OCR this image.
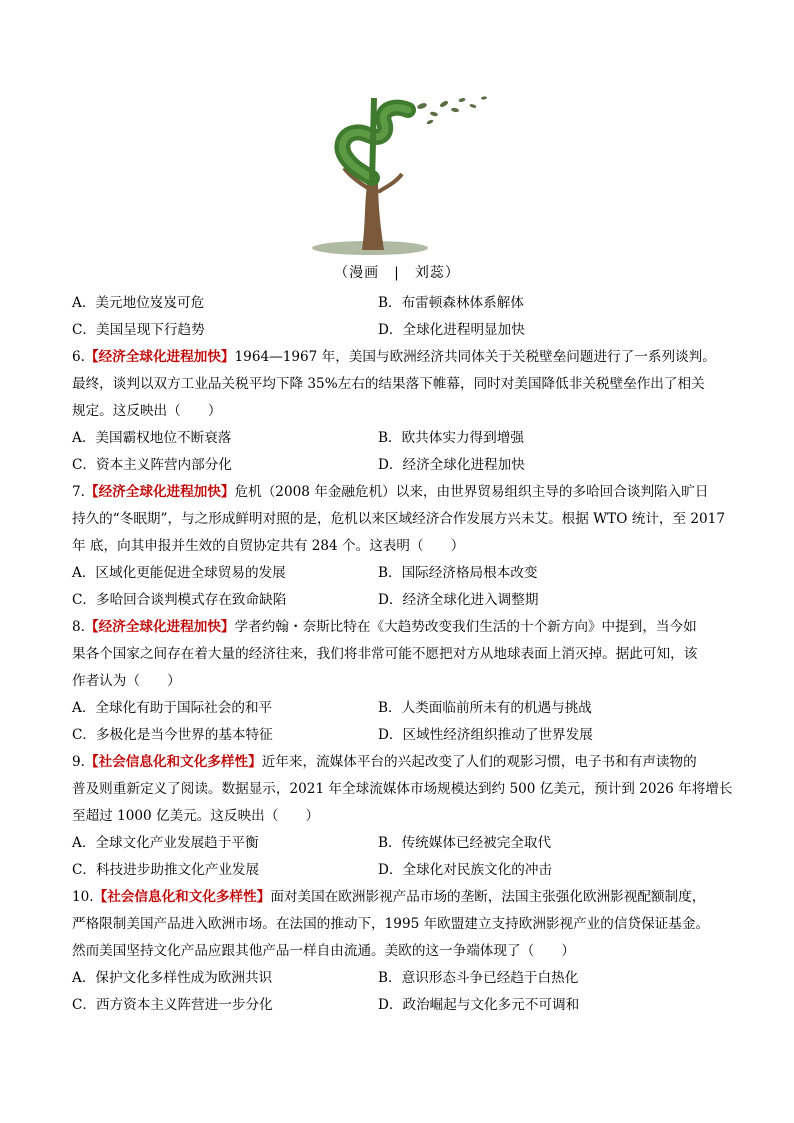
（漫画　|　刘蕊）
A．美元地位岌岌可危	B．布雷顿森林体系解体
C．美国呈现下行趋势	D．全球化进程明显加快
6.【经济全球化进程加快】1964—1967 年，美国与欧洲经济共同体关于关税壁垒问题进行了一系列谈判。
最终，谈判以双方工业品关税平均下降 35%左右的结果落下帷幕，同时对美国降低非关税壁垒作出了相关
规定。这反映出（　　）
A．美国霸权地位不断衰落	B．欧共体实力得到增强
C．资本主义阵营内部分化	D．经济全球化进程加快
7.【经济全球化进程加快】危机（2008 年金融危机）以来，由世界贸易组织主导的多哈回合谈判陷入旷日
持久的“冬眠期”，与之形成鲜明对照的是，危机以来区域经济合作发展方兴未艾。根据 WTO 统计，至 2017
年 底，向其申报并生效的自贸协定共有 284 个。这表明（　　）
A．区域化更能促进全球贸易的发展	B．国际经济格局根本改变
C．多哈回合谈判模式存在致命缺陷	D．经济全球化进入调整期
8.【经济全球化进程加快】学者约翰・奈斯比特在《大趋势改变我们生活的十个新方向》中提到，当今如
果各个国家之间存在着大量的经济往来，我们将非常可能不愿把对方从地球表面上消灭掉。据此可知，该
作者认为（　　）
A．全球化有助于国际社会的和平	B．人类面临前所未有的机遇与挑战
C．多极化是当今世界的基本特征	D．区域性经济组织推动了世界发展
9.【社会信息化和文化多样性】近年来，流媒体平台的兴起改变了人们的观影习惯，电子书和有声读物的
普及则重新定义了阅读。数据显示，2021 年全球流媒体市场规模达到约 500 亿美元，预计到 2026 年将增长
至超过 1000 亿美元。这反映出（　　）
A．全球文化产业发展趋于平衡	B．传统媒体已经被完全取代
C．科技进步助推文化产业发展	D．全球化对民族文化的冲击
10.【社会信息化和文化多样性】面对美国在欧洲影视产品市场的垄断，法国主张强化欧洲影视配额制度，
严格限制美国产品进入欧洲市场。在法国的推动下，1995 年欧盟建立支持欧洲影视产业的信贷保证基金。
然而美国坚持文化产品应跟其他产品一样自由流通。美欧的这一争端体现了（　　）
A．保护文化多样性成为欧洲共识	B．意识形态斗争已经趋于白热化
C．西方资本主义阵营进一步分化	D．政治崛起与文化多元不可调和
